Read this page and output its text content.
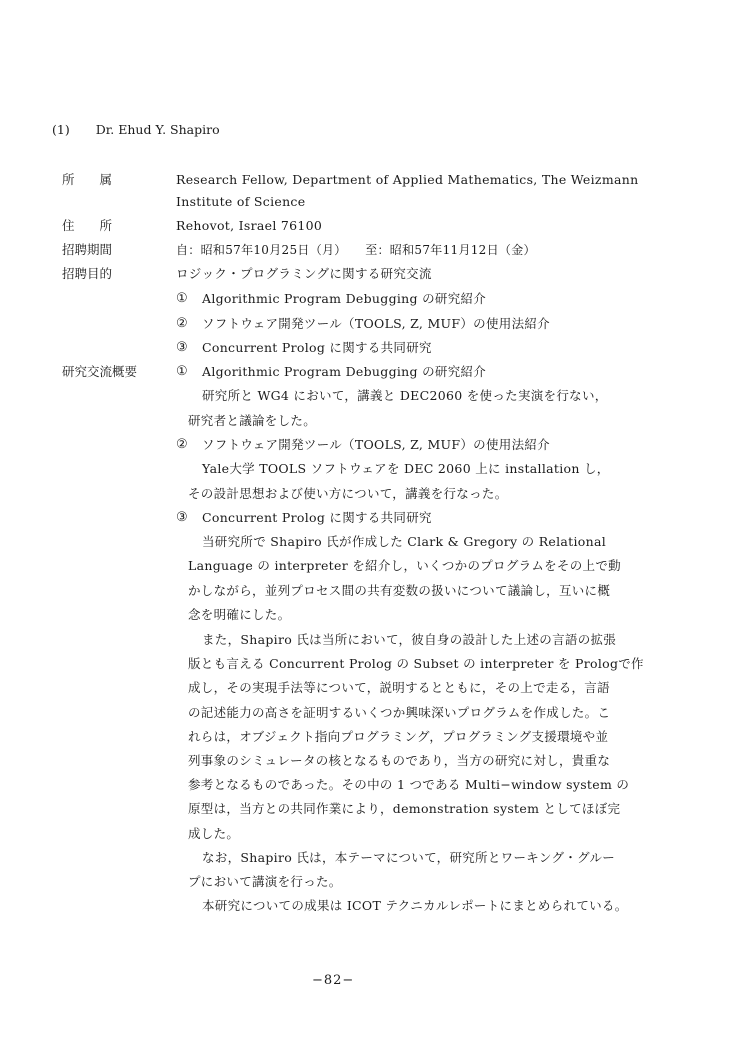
(1) Dr. Ehud Y. Shapiro
所　　属	Research Fellow, Department of Applied Mathematics, The Weizmann
Institute of Science
住　　所	Rehovot, Israel 76100
招聘期間	自：昭和57年10月25日（月）　　至：昭和57年11月12日（金）
招聘目的	ロジック・プログラミングに関する研究交流
① Algorithmic Program Debugging の研究紹介
② ソフトウェア開発ツール（TOOLS, Z, MUF）の使用法紹介
③ Concurrent Prolog に関する共同研究
研究交流概要	① Algorithmic Program Debugging の研究紹介
研究所と WG4 において，講義と DEC2060 を使った実演を行ない，
研究者と議論をした。
② ソフトウェア開発ツール（TOOLS, Z, MUF）の使用法紹介
Yale大学 TOOLS ソフトウェアを DEC 2060 上に installation し，
その設計思想および使い方について，講義を行なった。
③ Concurrent Prolog に関する共同研究
当研究所で Shapiro 氏が作成した Clark & Gregory の Relational
Language の interpreter を紹介し，いくつかのプログラムをその上で動
かしながら，並列プロセス間の共有変数の扱いについて議論し，互いに概
念を明確にした。
また，Shapiro 氏は当所において，彼自身の設計した上述の言語の拡張
版とも言える Concurrent Prolog の Subset の interpreter を Prologで作
成し，その実現手法等について，説明するとともに，その上で走る，言語
の記述能力の高さを証明するいくつか興味深いプログラムを作成した。こ
れらは，オブジェクト指向プログラミング，プログラミング支援環境や並
列事象のシミュレータの核となるものであり，当方の研究に対し，貴重な
参考となるものであった。その中の 1 つである Multi−window system の
原型は，当方との共同作業により，demonstration system としてほぼ完
成した。
なお，Shapiro 氏は，本テーマについて，研究所とワーキング・グルー
プにおいて講演を行った。
本研究についての成果は ICOT テクニカルレポートにまとめられている。
−82−
